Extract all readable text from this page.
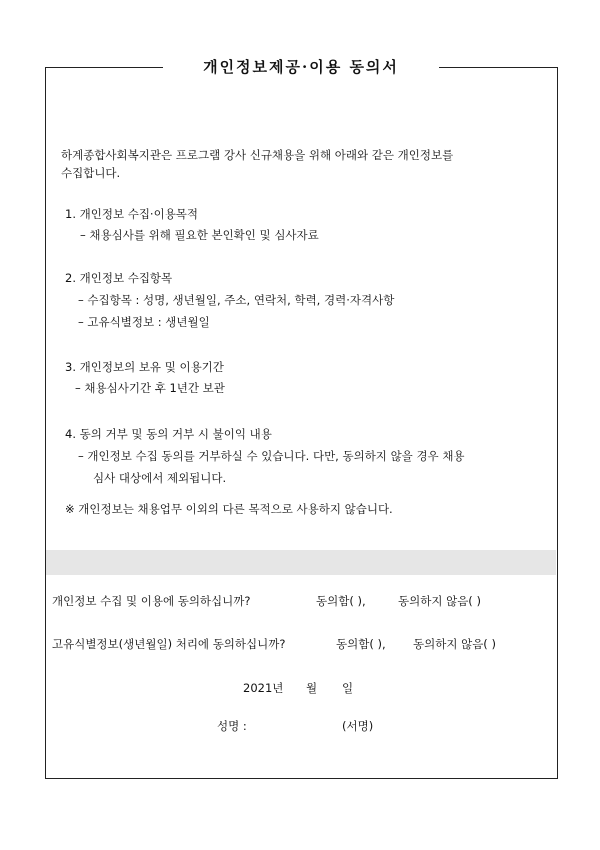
개인정보제공·이용 동의서
하계종합사회복지관은 프로그램 강사 신규채용을 위해 아래와 같은 개인정보를
수집합니다.
1. 개인정보 수집·이용목적
– 채용심사를 위해 필요한 본인확인 및 심사자료
2. 개인정보 수집항목
– 수집항목 : 성명, 생년월일, 주소, 연락처, 학력, 경력·자격사항
– 고유식별정보 : 생년월일
3. 개인정보의 보유 및 이용기간
– 채용심사기간 후 1년간 보관
4. 동의 거부 및 동의 거부 시 불이익 내용
– 개인정보 수집 동의를 거부하실 수 있습니다. 다만, 동의하지 않을 경우 채용
심사 대상에서 제외됩니다.
※ 개인정보는 채용업무 이외의 다른 목적으로 사용하지 않습니다.
개인정보 수집 및 이용에 동의하십니까?	동의함( ),	동의하지 않음( )
고유식별정보(생년월일) 처리에 동의하십니까?	동의함( ), 동의하지 않음( )
2021년 월 일
성명 :	(서명)
